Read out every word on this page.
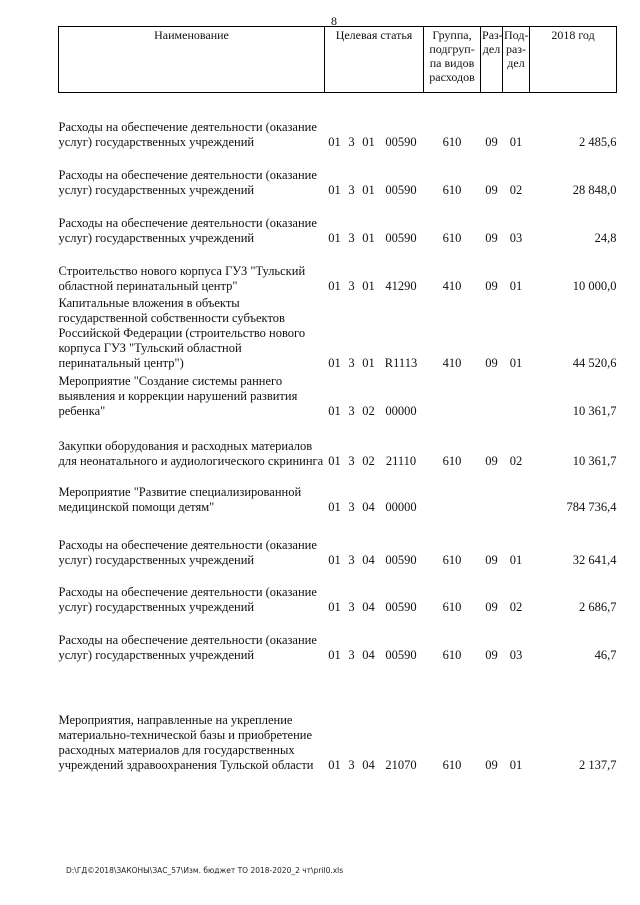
8
Наименование	Целевая статья				Группа, подгруп-па видов расходов	Раз-дел	Под-раз-дел	2018 год
Расходы на обеспечение деятельности (оказание услуг) государственных учреждений	01	3	01	00590	610	09	01	2 485,6
Расходы на обеспечение деятельности (оказание услуг) государственных учреждений	01	3	01	00590	610	09	02	28 848,0
Расходы на обеспечение деятельности (оказание услуг) государственных учреждений	01	3	01	00590	610	09	03	24,8
Строительство нового корпуса ГУЗ "Тульский областной перинатальный центр"	01	3	01	41290	410	09	01	10 000,0
Капитальные вложения в объекты государственной собственности субъектов Российской Федерации (строительство нового корпуса ГУЗ "Тульский областной перинатальный центр")	01	3	01	R1113	410	09	01	44 520,6
Мероприятие "Создание системы раннего выявления и коррекции нарушений развития ребенка"	01	3	02	00000				10 361,7
Закупки оборудования и расходных материалов для неонатального и аудиологического скрининга	01	3	02	21110	610	09	02	10 361,7
Мероприятие "Развитие специализированной медицинской помощи детям"	01	3	04	00000				784 736,4
Расходы на обеспечение деятельности (оказание услуг) государственных учреждений	01	3	04	00590	610	09	01	32 641,4
Расходы на обеспечение деятельности (оказание услуг) государственных учреждений	01	3	04	00590	610	09	02	2 686,7
Расходы на обеспечение деятельности (оказание услуг) государственных учреждений	01	3	04	00590	610	09	03	46,7
Мероприятия, направленные на укрепление материально-технической базы и приобретение расходных материалов для государственных учреждений здравоохранения Тульской области	01	3	04	21070	610	09	01	2 137,7
D:\ГД©2018\ЗАКОНЫ\ЗАС_57\Изм. бюджет ТО 2018-2020_2 чт\pril0.xls
